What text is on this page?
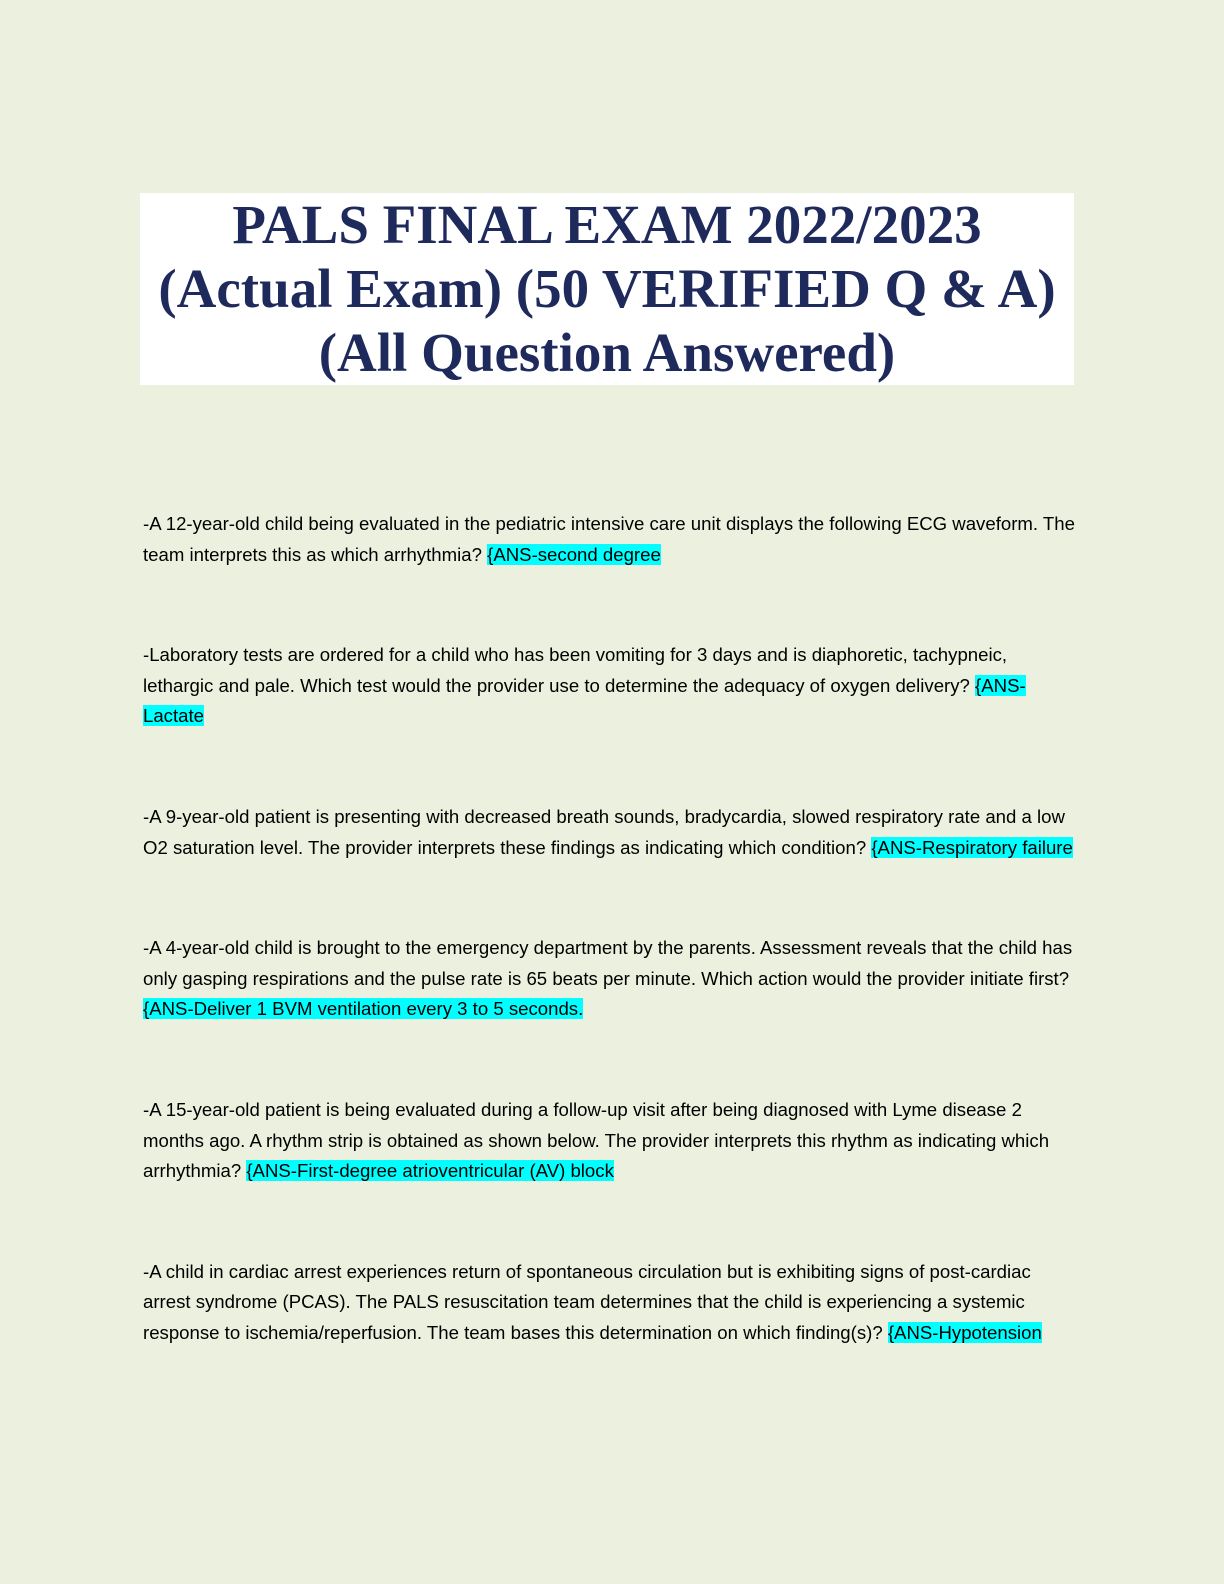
PALS FINAL EXAM 2022/2023
(Actual Exam) (50 VERIFIED Q & A)
(All Question Answered)

-A 12-year-old child being evaluated in the pediatric intensive care unit displays the following ECG waveform. The team interprets this as which arrhythmia? {ANS-second degree

-Laboratory tests are ordered for a child who has been vomiting for 3 days and is diaphoretic, tachypneic, lethargic and pale. Which test would the provider use to determine the adequacy of oxygen delivery? {ANS-Lactate

-A 9-year-old patient is presenting with decreased breath sounds, bradycardia, slowed respiratory rate and a low O2 saturation level. The provider interprets these findings as indicating which condition? {ANS-Respiratory failure

-A 4-year-old child is brought to the emergency department by the parents. Assessment reveals that the child has only gasping respirations and the pulse rate is 65 beats per minute. Which action would the provider initiate first? {ANS-Deliver 1 BVM ventilation every 3 to 5 seconds.

-A 15-year-old patient is being evaluated during a follow-up visit after being diagnosed with Lyme disease 2 months ago. A rhythm strip is obtained as shown below. The provider interprets this rhythm as indicating which arrhythmia? {ANS-First-degree atrioventricular (AV) block

-A child in cardiac arrest experiences return of spontaneous circulation but is exhibiting signs of post-cardiac arrest syndrome (PCAS). The PALS resuscitation team determines that the child is experiencing a systemic response to ischemia/reperfusion. The team bases this determination on which finding(s)? {ANS-Hypotension
